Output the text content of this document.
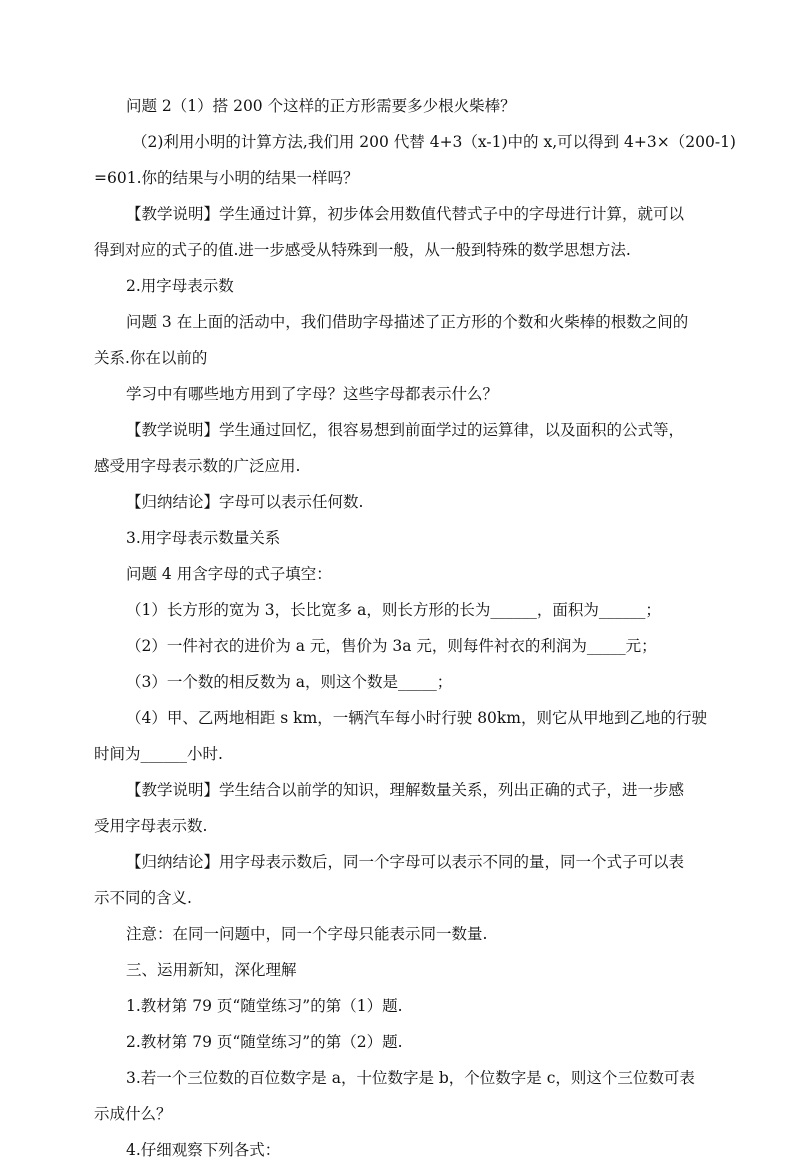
问题 2（1）搭 200 个这样的正方形需要多少根火柴棒？
（2)利用小明的计算方法,我们用 200 代替 4+3（x-1)中的 x,可以得到 4+3×（200-1)
=601.你的结果与小明的结果一样吗？
【教学说明】学生通过计算，初步体会用数值代替式子中的字母进行计算，就可以
得到对应的式子的值.进一步感受从特殊到一般，从一般到特殊的数学思想方法.
2.用字母表示数
问题 3 在上面的活动中，我们借助字母描述了正方形的个数和火柴棒的根数之间的
关系.你在以前的
学习中有哪些地方用到了字母？这些字母都表示什么？
【教学说明】学生通过回忆，很容易想到前面学过的运算律，以及面积的公式等，
感受用字母表示数的广泛应用.
【归纳结论】字母可以表示任何数.
3.用字母表示数量关系
问题 4 用含字母的式子填空：
（1）长方形的宽为 3，长比宽多 a，则长方形的长为______，面积为______；
（2）一件衬衣的进价为 a 元，售价为 3a 元，则每件衬衣的利润为_____元；
（3）一个数的相反数为 a，则这个数是_____；
（4）甲、乙两地相距 s km，一辆汽车每小时行驶 80km，则它从甲地到乙地的行驶
时间为______小时.
【教学说明】学生结合以前学的知识，理解数量关系，列出正确的式子，进一步感
受用字母表示数.
【归纳结论】用字母表示数后，同一个字母可以表示不同的量，同一个式子可以表
示不同的含义.
注意：在同一问题中，同一个字母只能表示同一数量.
三、运用新知，深化理解
1.教材第 79 页“随堂练习”的第（1）题.
2.教材第 79 页“随堂练习”的第（2）题.
3.若一个三位数的百位数字是 a，十位数字是 b，个位数字是 c，则这个三位数可表
示成什么？
4.仔细观察下列各式：
